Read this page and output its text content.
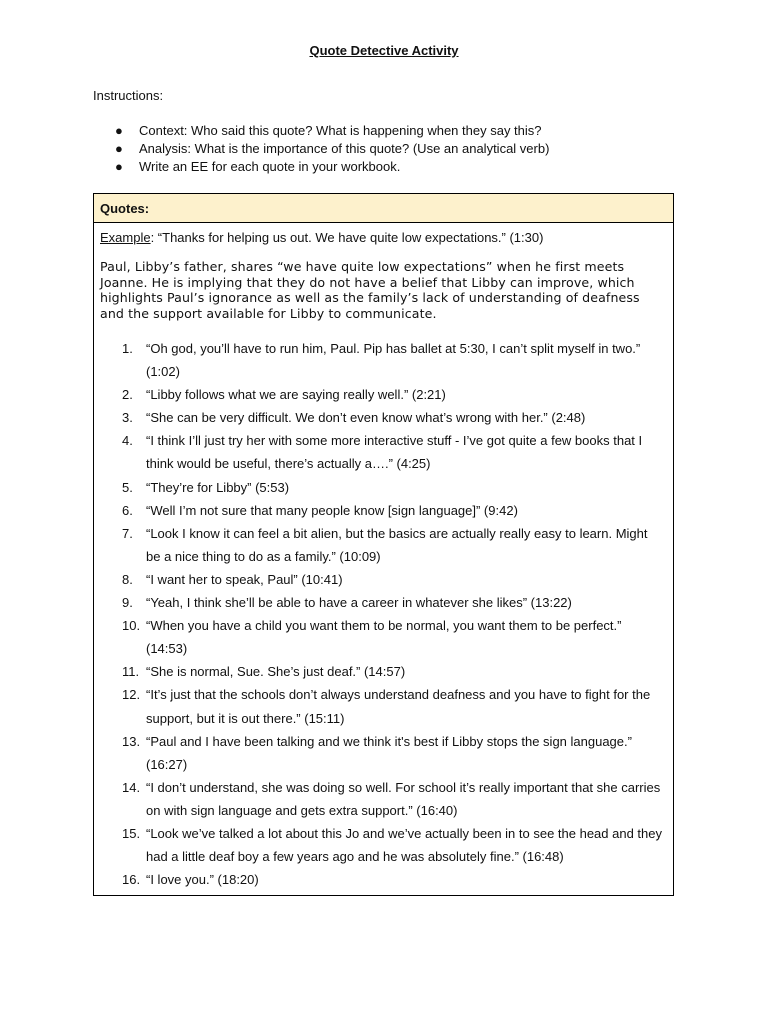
Quote Detective Activity

Instructions:

● Context: Who said this quote? What is happening when they say this?
● Analysis: What is the importance of this quote? (Use an analytical verb)
● Write an EE for each quote in your workbook.
Quotes:

Example: “Thanks for helping us out. We have quite low expectations.” (1:30)

Paul, Libby’s father, shares “we have quite low expectations” when he first meets Joanne. He is implying that they do not have a belief that Libby can improve, which highlights Paul’s ignorance as well as the family’s lack of understanding of deafness and the support available for Libby to communicate.

1. “Oh god, you’ll have to run him, Paul. Pip has ballet at 5:30, I can’t split myself in two.” (1:02)
2. “Libby follows what we are saying really well.” (2:21)
3. “She can be very difficult. We don’t even know what’s wrong with her.” (2:48)
4. “I think I’ll just try her with some more interactive stuff - I’ve got quite a few books that I think would be useful, there’s actually a….” (4:25)
5. “They’re for Libby” (5:53)
6. “Well I’m not sure that many people know [sign language]” (9:42)
7. “Look I know it can feel a bit alien, but the basics are actually really easy to learn. Might be a nice thing to do as a family.” (10:09)
8. “I want her to speak, Paul” (10:41)
9. “Yeah, I think she’ll be able to have a career in whatever she likes” (13:22)
10. “When you have a child you want them to be normal, you want them to be perfect.” (14:53)
11. “She is normal, Sue. She’s just deaf.” (14:57)
12. “It’s just that the schools don’t always understand deafness and you have to fight for the support, but it is out there.” (15:11)
13. “Paul and I have been talking and we think it's best if Libby stops the sign language.” (16:27)
14. “I don’t understand, she was doing so well. For school it’s really important that she carries on with sign language and gets extra support.” (16:40)
15. “Look we’ve talked a lot about this Jo and we’ve actually been in to see the head and they had a little deaf boy a few years ago and he was absolutely fine.” (16:48)
16. “I love you.” (18:20)
